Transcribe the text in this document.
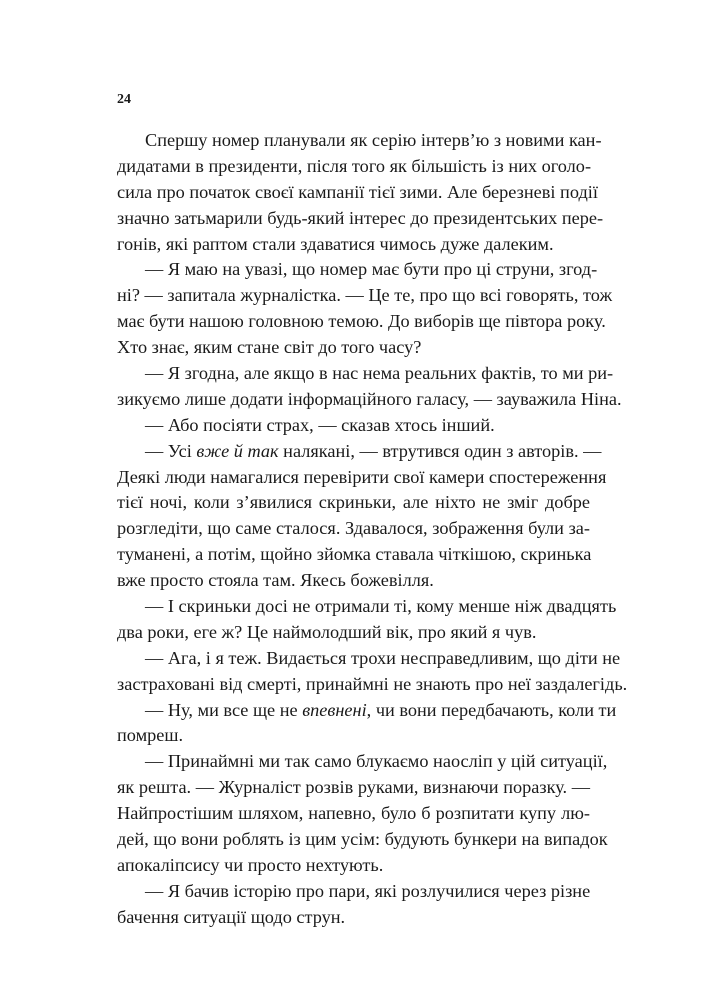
24
Спершу номер планували як серію інтерв’ю з новими кан-
дидатами в президенти, після того як більшість із них оголо-
сила про початок своєї кампанії тієї зими. Але березневі події
значно затьмарили будь-який інтерес до президентських пере-
гонів, які раптом стали здаватися чимось дуже далеким.
— Я маю на увазі, що номер має бути про ці струни, згод-
ні? — запитала журналістка. — Це те, про що всі говорять, тож
має бути нашою головною темою. До виборів ще півтора року.
Хто знає, яким стане світ до того часу?
— Я згодна, але якщо в нас нема реальних фактів, то ми ри-
зикуємо лише додати інформаційного галасу, — зауважила Ніна.
— Або посіяти страх, — сказав хтось інший.
— Усі вже й так налякані, — втрутився один з авторів. —
Деякі люди намагалися перевірити свої камери спостереження
тієї ночі, коли з’явилися скриньки, але ніхто не зміг добре
розгледіти, що саме сталося. Здавалося, зображення були за-
туманені, а потім, щойно зйомка ставала чіткішою, скринька
вже просто стояла там. Якесь божевілля.
— І скриньки досі не отримали ті, кому менше ніж двадцять
два роки, еге ж? Це наймолодший вік, про який я чув.
— Ага, і я теж. Видається трохи несправедливим, що діти не
застраховані від смерті, принаймні не знають про неї заздалегідь.
— Ну, ми все ще не впевнені, чи вони передбачають, коли ти
помреш.
— Принаймні ми так само блукаємо наосліп у цій ситуації,
як решта. — Журналіст розвів руками, визнаючи поразку. —
Найпростішим шляхом, напевно, було б розпитати купу лю-
дей, що вони роблять із цим усім: будують бункери на випадок
апокаліпсису чи просто нехтують.
— Я бачив історію про пари, які розлучилися через різне
бачення ситуації щодо струн.
